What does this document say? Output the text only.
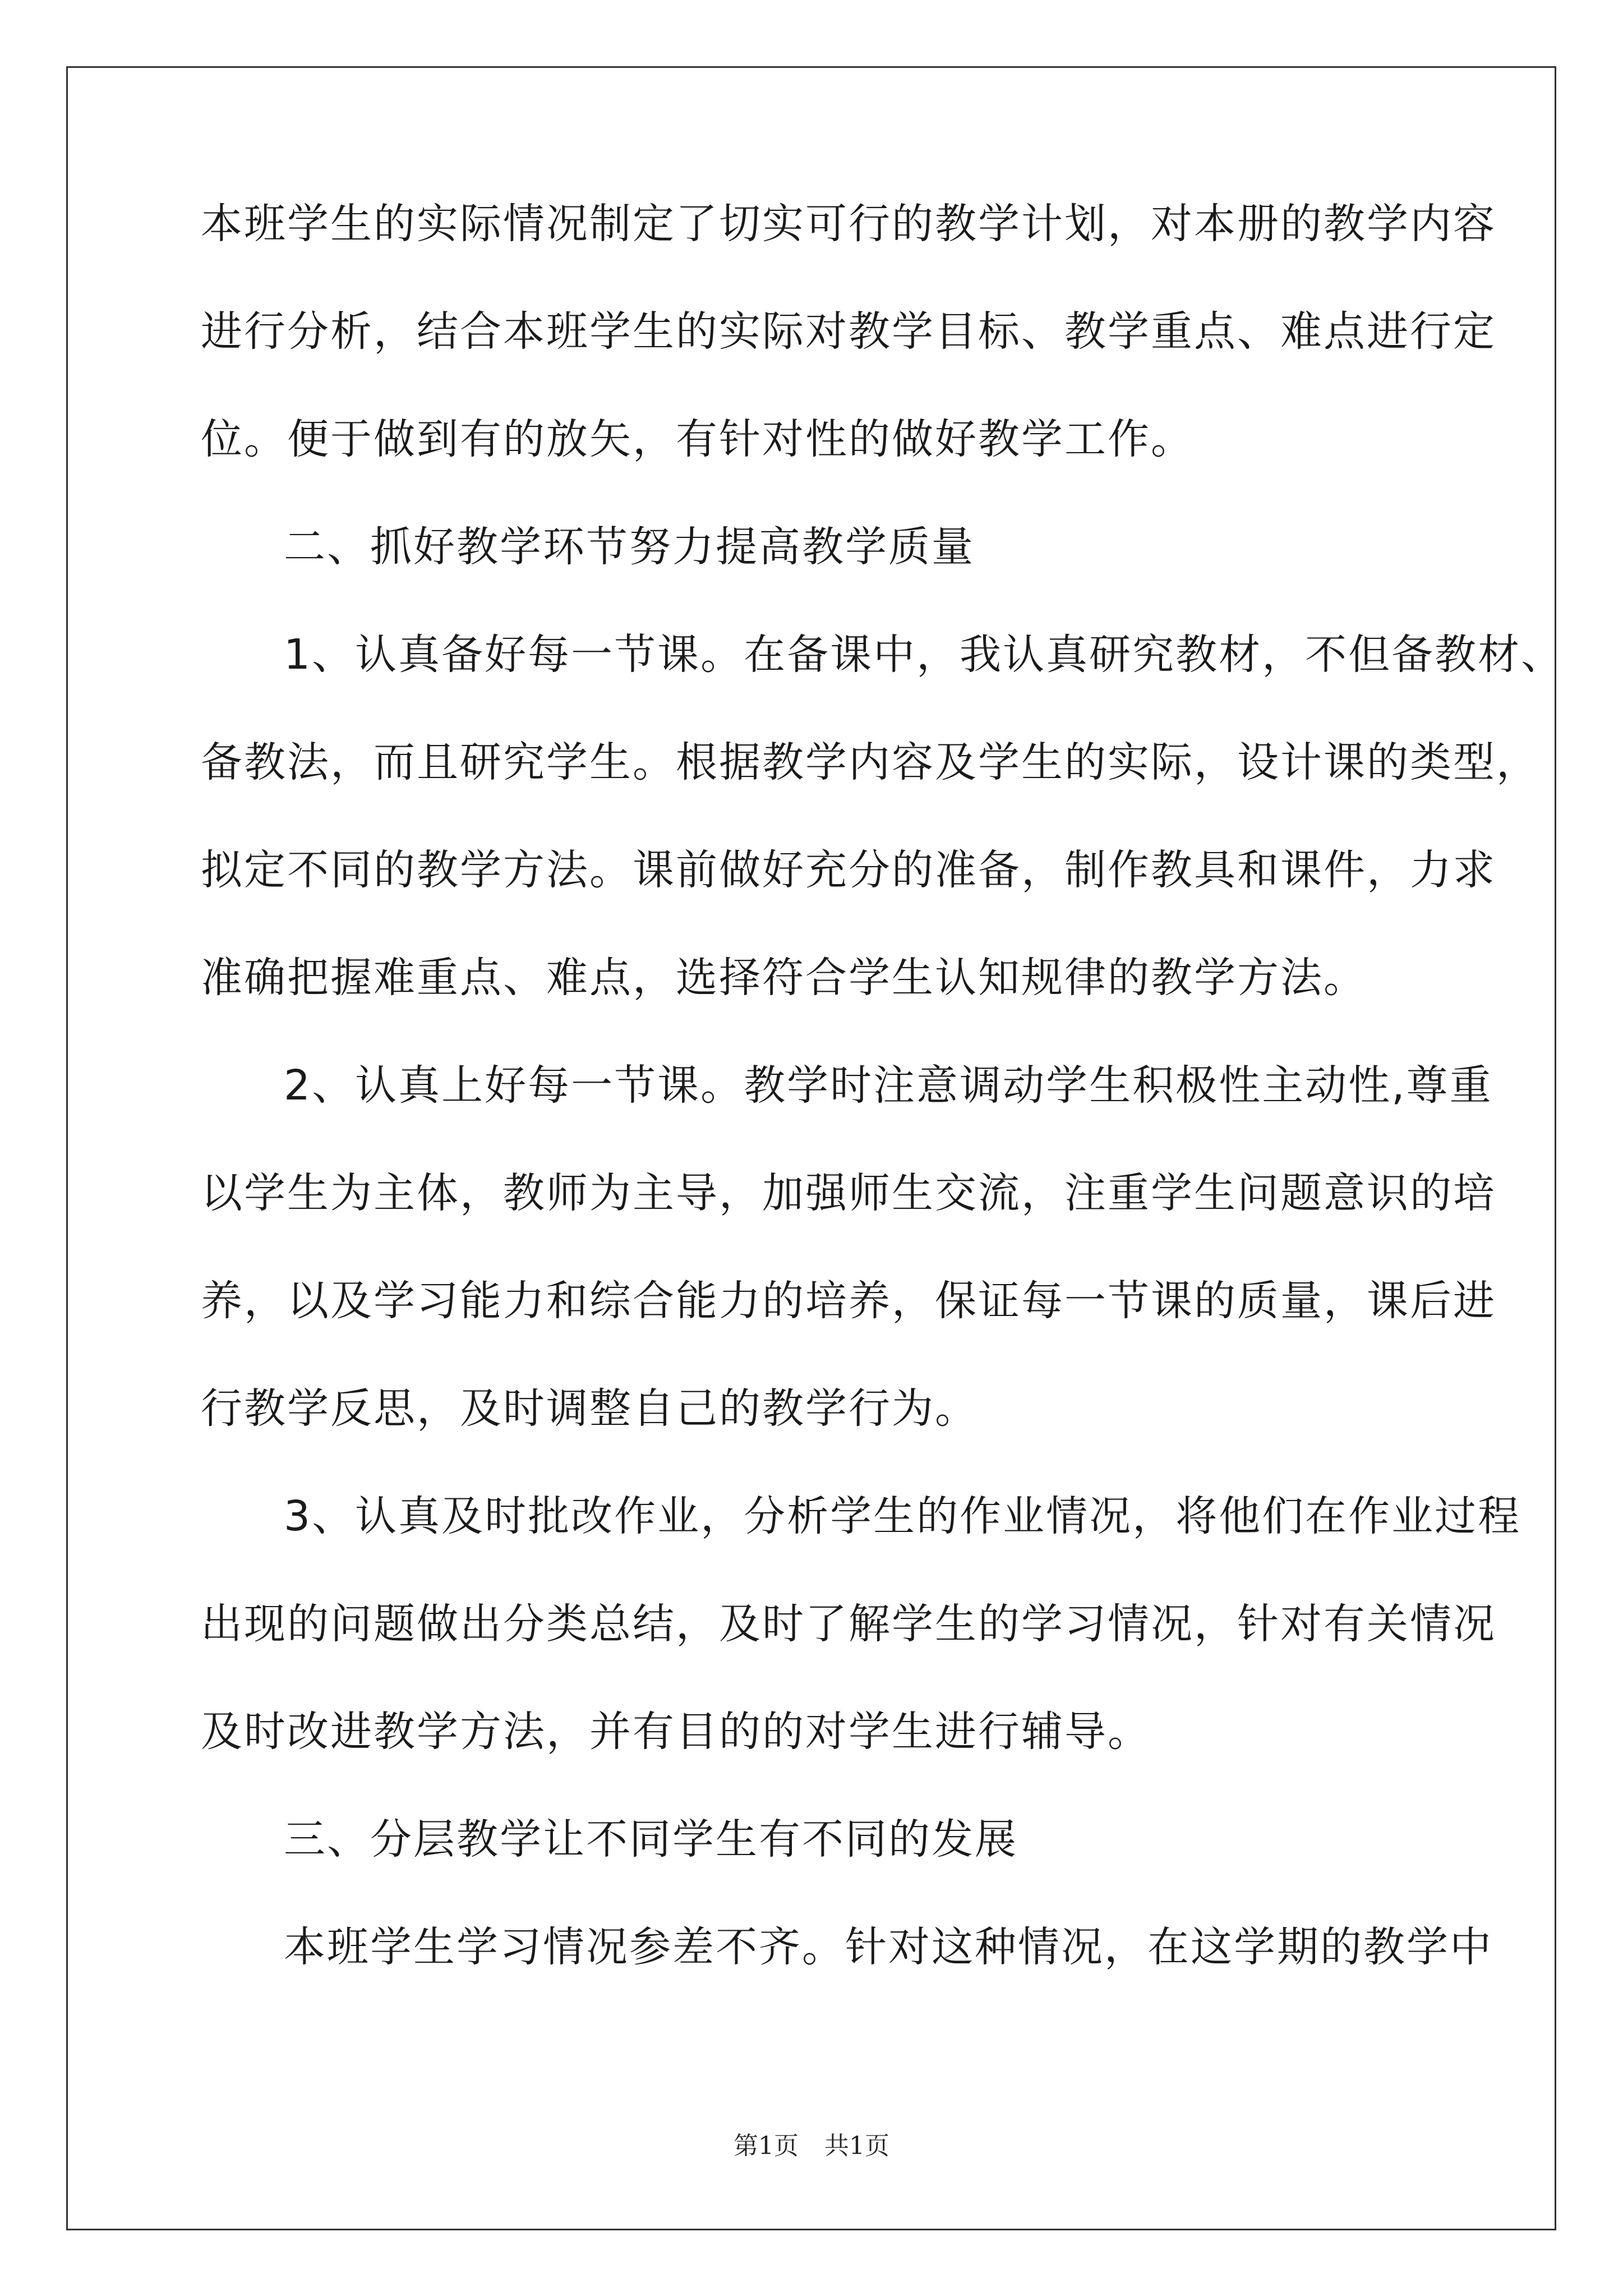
本班学生的实际情况制定了切实可行的教学计划，对本册的教学内容
进行分析，结合本班学生的实际对教学目标、教学重点、难点进行定
位。便于做到有的放矢，有针对性的做好教学工作。
二、抓好教学环节努力提高教学质量
1、认真备好每一节课。在备课中，我认真研究教材，不但备教材、
备教法，而且研究学生。根据教学内容及学生的实际，设计课的类型，
拟定不同的教学方法。课前做好充分的准备，制作教具和课件，力求
准确把握难重点、难点，选择符合学生认知规律的教学方法。
2、认真上好每一节课。教学时注意调动学生积极性主动性,尊重
以学生为主体，教师为主导，加强师生交流，注重学生问题意识的培
养，以及学习能力和综合能力的培养，保证每一节课的质量，课后进
行教学反思，及时调整自己的教学行为。
3、认真及时批改作业，分析学生的作业情况，将他们在作业过程
出现的问题做出分类总结，及时了解学生的学习情况，针对有关情况
及时改进教学方法，并有目的的对学生进行辅导。
三、分层教学让不同学生有不同的发展
本班学生学习情况参差不齐。针对这种情况，在这学期的教学中
第1页 共1页
